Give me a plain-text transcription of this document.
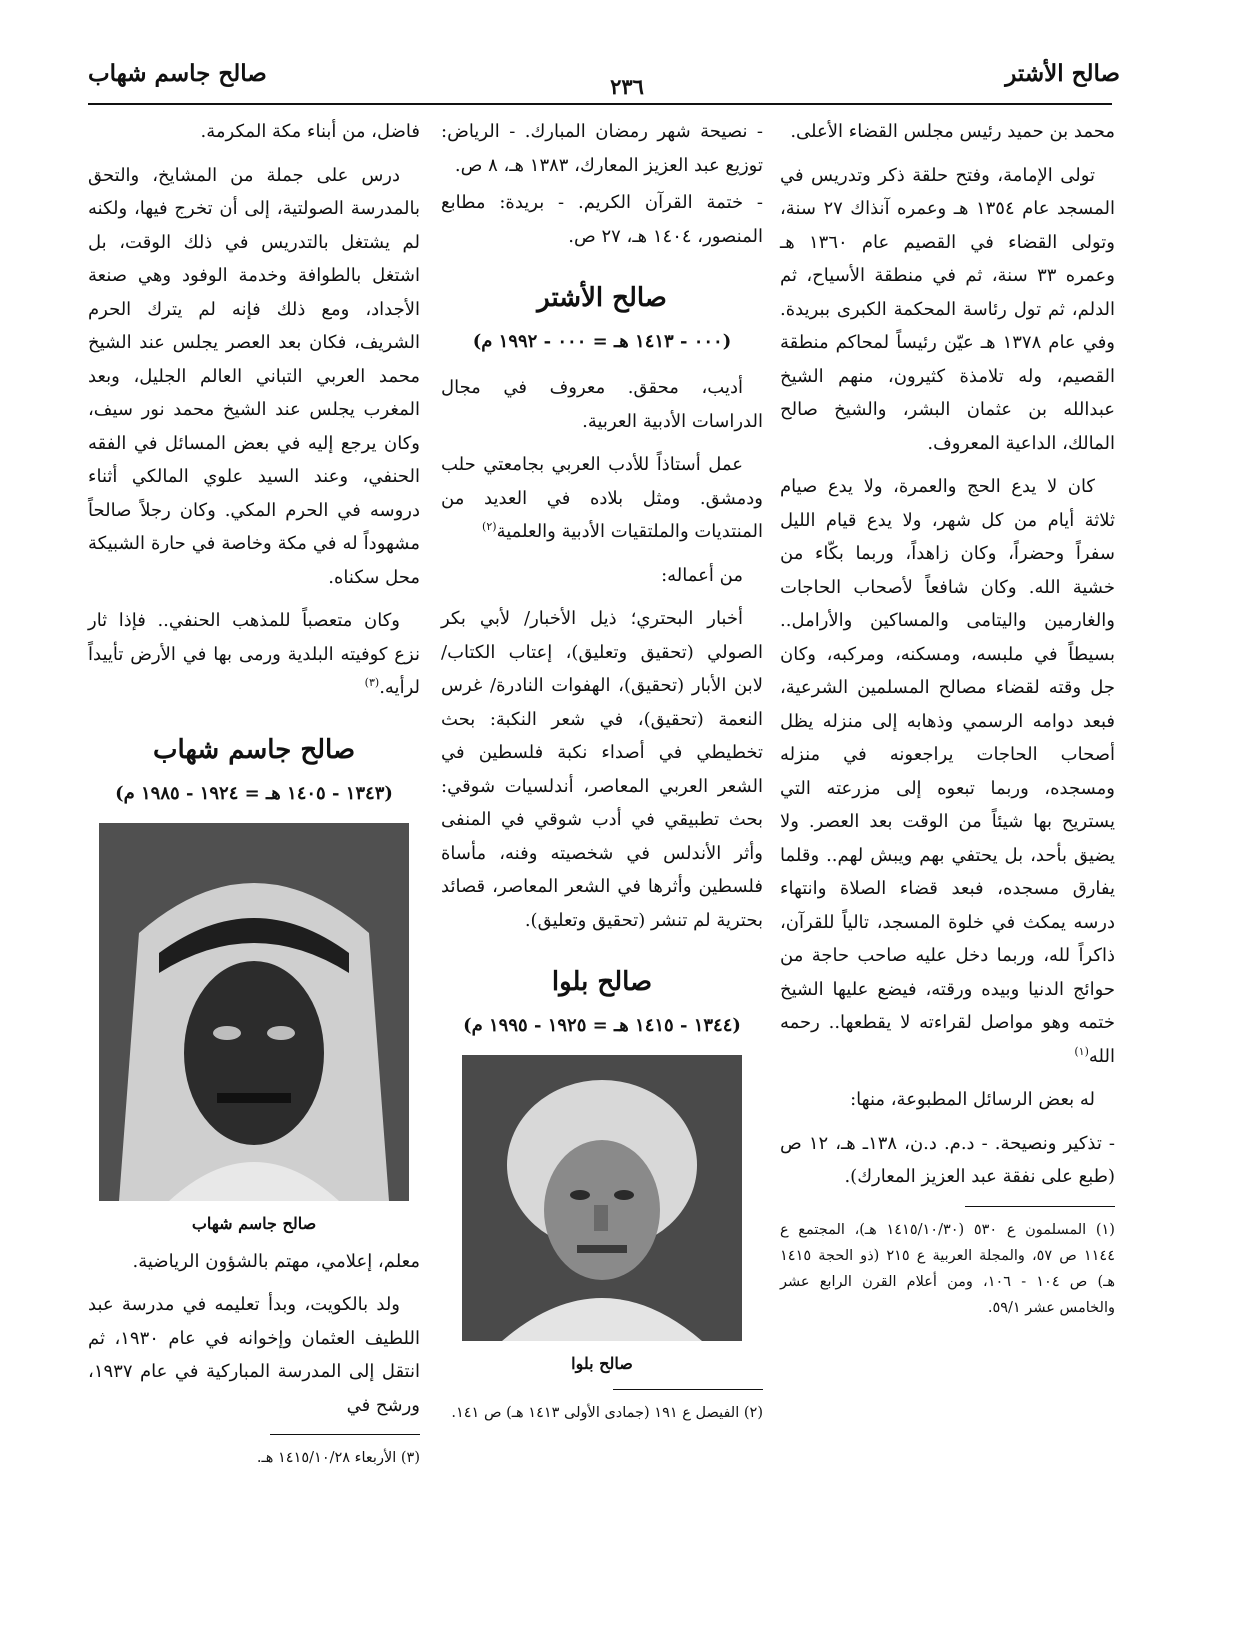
صالح الأشتر
٢٣٦
صالح جاسم شهاب

محمد بن حميد رئيس مجلس القضاء الأعلى.

تولى الإمامة، وفتح حلقة ذكر وتدريس في المسجد عام ١٣٥٤ هـ وعمره آنذاك ٢٧ سنة، وتولى القضاء في القصيم عام ١٣٦٠ هـ وعمره ٣٣ سنة، ثم في منطقة الأسياح، ثم الدلم، ثم تول رئاسة المحكمة الكبرى ببريدة. وفي عام ١٣٧٨ هـ عيّن رئيساً لمحاكم منطقة القصيم، وله تلامذة كثيرون، منهم الشيخ عبدالله بن عثمان البشر، والشيخ صالح المالك، الداعية المعروف.

كان لا يدع الحج والعمرة، ولا يدع صيام ثلاثة أيام من كل شهر، ولا يدع قيام الليل سفراً وحضراً، وكان زاهداً، وربما بكّاء من خشية الله. وكان شافعاً لأصحاب الحاجات والغارمين واليتامى والمساكين والأرامل.. بسيطاً في ملبسه، ومسكنه، ومركبه، وكان جل وقته لقضاء مصالح المسلمين الشرعية، فبعد دوامه الرسمي وذهابه إلى منزله يظل أصحاب الحاجات يراجعونه في منزله ومسجده، وربما تبعوه إلى مزرعته التي يستريح بها شيئاً من الوقت بعد العصر. ولا يضيق بأحد، بل يحتفي بهم ويبش لهم.. وقلما يفارق مسجده، فبعد قضاء الصلاة وانتهاء درسه يمكث في خلوة المسجد، تالياً للقرآن، ذاكراً لله، وربما دخل عليه صاحب حاجة من حوائج الدنيا وبيده ورقته، فيضع عليها الشيخ ختمه وهو مواصل لقراءته لا يقطعها.. رحمه الله$^{(١)}$

له بعض الرسائل المطبوعة، منها:

- تذكير ونصيحة. - د.م. د.ن، ١٣٨ـ هـ، ١٢ ص (طبع على نفقة عبد العزيز المعارك).

(١) المسلمون ع ٥٣٠ (١٤١٥/١٠/٣٠ هـ)، المجتمع ع ١١٤٤ ص ٥٧، والمجلة العربية ع ٢١٥ (ذو الحجة ١٤١٥ هـ) ص ١٠٤ - ١٠٦، ومن أعلام القرن الرابع عشر والخامس عشر ٥٩/١.

- نصيحة شهر رمضان المبارك. - الرياض: توزيع عبد العزيز المعارك، ١٣٨٣ هـ، ٨ ص.

- ختمة القرآن الكريم. - بريدة: مطابع المنصور، ١٤٠٤ هـ، ٢٧ ص.

صالح الأشتر
(٠٠٠ - ١٤١٣ هـ = ٠٠٠ - ١٩٩٢ م)

أديب، محقق. معروف في مجال الدراسات الأدبية العربية.

عمل أستاذاً للأدب العربي بجامعتي حلب ودمشق. ومثل بلاده في العديد من المنتديات والملتقيات الأدبية والعلمية$^{(٢)}$

من أعماله:

أخبار البحتري؛ ذيل الأخبار/ لأبي بكر الصولي (تحقيق وتعليق)، إعتاب الكتاب/ لابن الأبار (تحقيق)، الهفوات النادرة/ غرس النعمة (تحقيق)، في شعر النكبة: بحث تخطيطي في أصداء نكبة فلسطين في الشعر العربي المعاصر، أندلسيات شوقي: بحث تطبيقي في أدب شوقي في المنفى وأثر الأندلس في شخصيته وفنه، مأساة فلسطين وأثرها في الشعر المعاصر، قصائد بحترية لم تنشر (تحقيق وتعليق).

صالح بلوا
(١٣٤٤ - ١٤١٥ هـ = ١٩٢٥ - ١٩٩٥ م)
صالح بلوا

(٢) الفيصل ع ١٩١ (جمادى الأولى ١٤١٣ هـ) ص ١٤١.

فاضل، من أبناء مكة المكرمة.

درس على جملة من المشايخ، والتحق بالمدرسة الصولتية، إلى أن تخرج فيها، ولكنه لم يشتغل بالتدريس في ذلك الوقت، بل اشتغل بالطوافة وخدمة الوفود وهي صنعة الأجداد، ومع ذلك فإنه لم يترك الحرم الشريف، فكان بعد العصر يجلس عند الشيخ محمد العربي التباني العالم الجليل، وبعد المغرب يجلس عند الشيخ محمد نور سيف، وكان يرجع إليه في بعض المسائل في الفقه الحنفي، وعند السيد علوي المالكي أثناء دروسه في الحرم المكي. وكان رجلاً صالحاً مشهوداً له في مكة وخاصة في حارة الشبيكة محل سكناه.

وكان متعصباً للمذهب الحنفي.. فإذا ثار نزع كوفيته البلدية ورمى بها في الأرض تأييداً لرأيه.$^{(٣)}$

صالح جاسم شهاب
(١٣٤٣ - ١٤٠٥ هـ = ١٩٢٤ - ١٩٨٥ م)
صالح جاسم شهاب

معلم، إعلامي، مهتم بالشؤون الرياضية.

ولد بالكويت، وبدأ تعليمه في مدرسة عبد اللطيف العثمان وإخوانه في عام ١٩٣٠، ثم انتقل إلى المدرسة المباركية في عام ١٩٣٧، ورشح في

(٣) الأربعاء ١٤١٥/١٠/٢٨ هـ.
